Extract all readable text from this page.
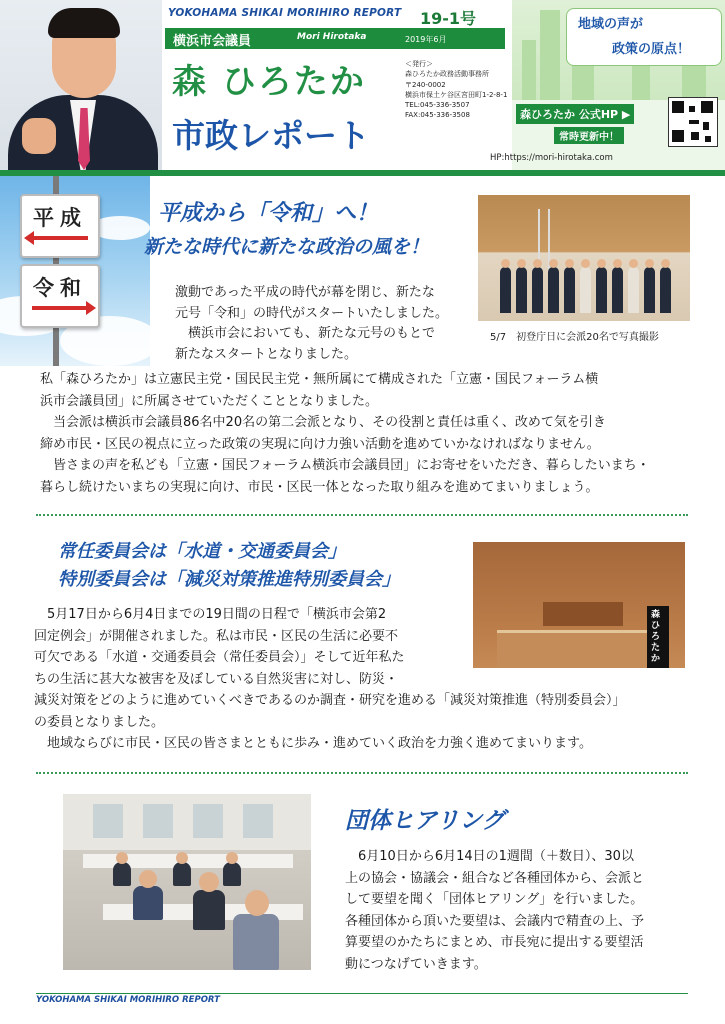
YOKOHAMA SHIKAI MORIHIRO REPORT 19-1号
横浜市会議員	Mori Hirotaka	2019年6月
森 ひろたか
市政レポート
＜発行＞
森ひろたか政務活動事務所
〒240-0002
横浜市保土ケ谷区宮田町1-2-8-1
TEL:045-336-3507
FAX:045-336-3508
地域の声が
政策の原点！
森ひろたか 公式HP ▶
常時更新中！
HP:https://mori-hirotaka.com
平成
令和
平成から「令和」へ！
新たな時代に新たな政治の風を！
5/7　初登庁日に会派20名で写真撮影
激動であった平成の時代が幕を閉じ、新たな
元号「令和」の時代がスタートいたしました。
　横浜市会においても、新たな元号のもとで
新たなスタートとなりました。
私「森ひろたか」は立憲民主党・国民民主党・無所属にて構成された「立憲・国民フォーラム横
浜市会議員団」に所属させていただくこととなりました。
　当会派は横浜市会議員86名中20名の第二会派となり、その役割と責任は重く、改めて気を引き
締め市民・区民の視点に立った政策の実現に向け力強い活動を進めていかなければなりません。
　皆さまの声を私ども「立憲・国民フォーラム横浜市会議員団」にお寄せをいただき、暮らしたいまち・
暮らし続けたいまちの実現に向け、市民・区民一体となった取り組みを進めてまいりましょう。
常任委員会は「水道・交通委員会」
特別委員会は「減災対策推進特別委員会」
森ひろたか
　5月17日から6月4日までの19日間の日程で「横浜市会第2
回定例会」が開催されました。私は市民・区民の生活に必要不
可欠である「水道・交通委員会（常任委員会）」そして近年私た
ちの生活に甚大な被害を及ぼしている自然災害に対し、防災・
減災対策をどのように進めていくべきであるのか調査・研究を進める「減災対策推進（特別委員会）」
の委員となりました。
　地域ならびに市民・区民の皆さまとともに歩み・進めていく政治を力強く進めてまいります。
団体ヒアリング
　6月10日から6月14日の1週間（＋数日）、30以
上の協会・協議会・組合など各種団体から、会派と
して要望を聞く「団体ヒアリング」を行いました。
各種団体から頂いた要望は、会議内で精査の上、予
算要望のかたちにまとめ、市長宛に提出する要望活
動につなげていきます。
YOKOHAMA SHIKAI MORIHIRO REPORT
